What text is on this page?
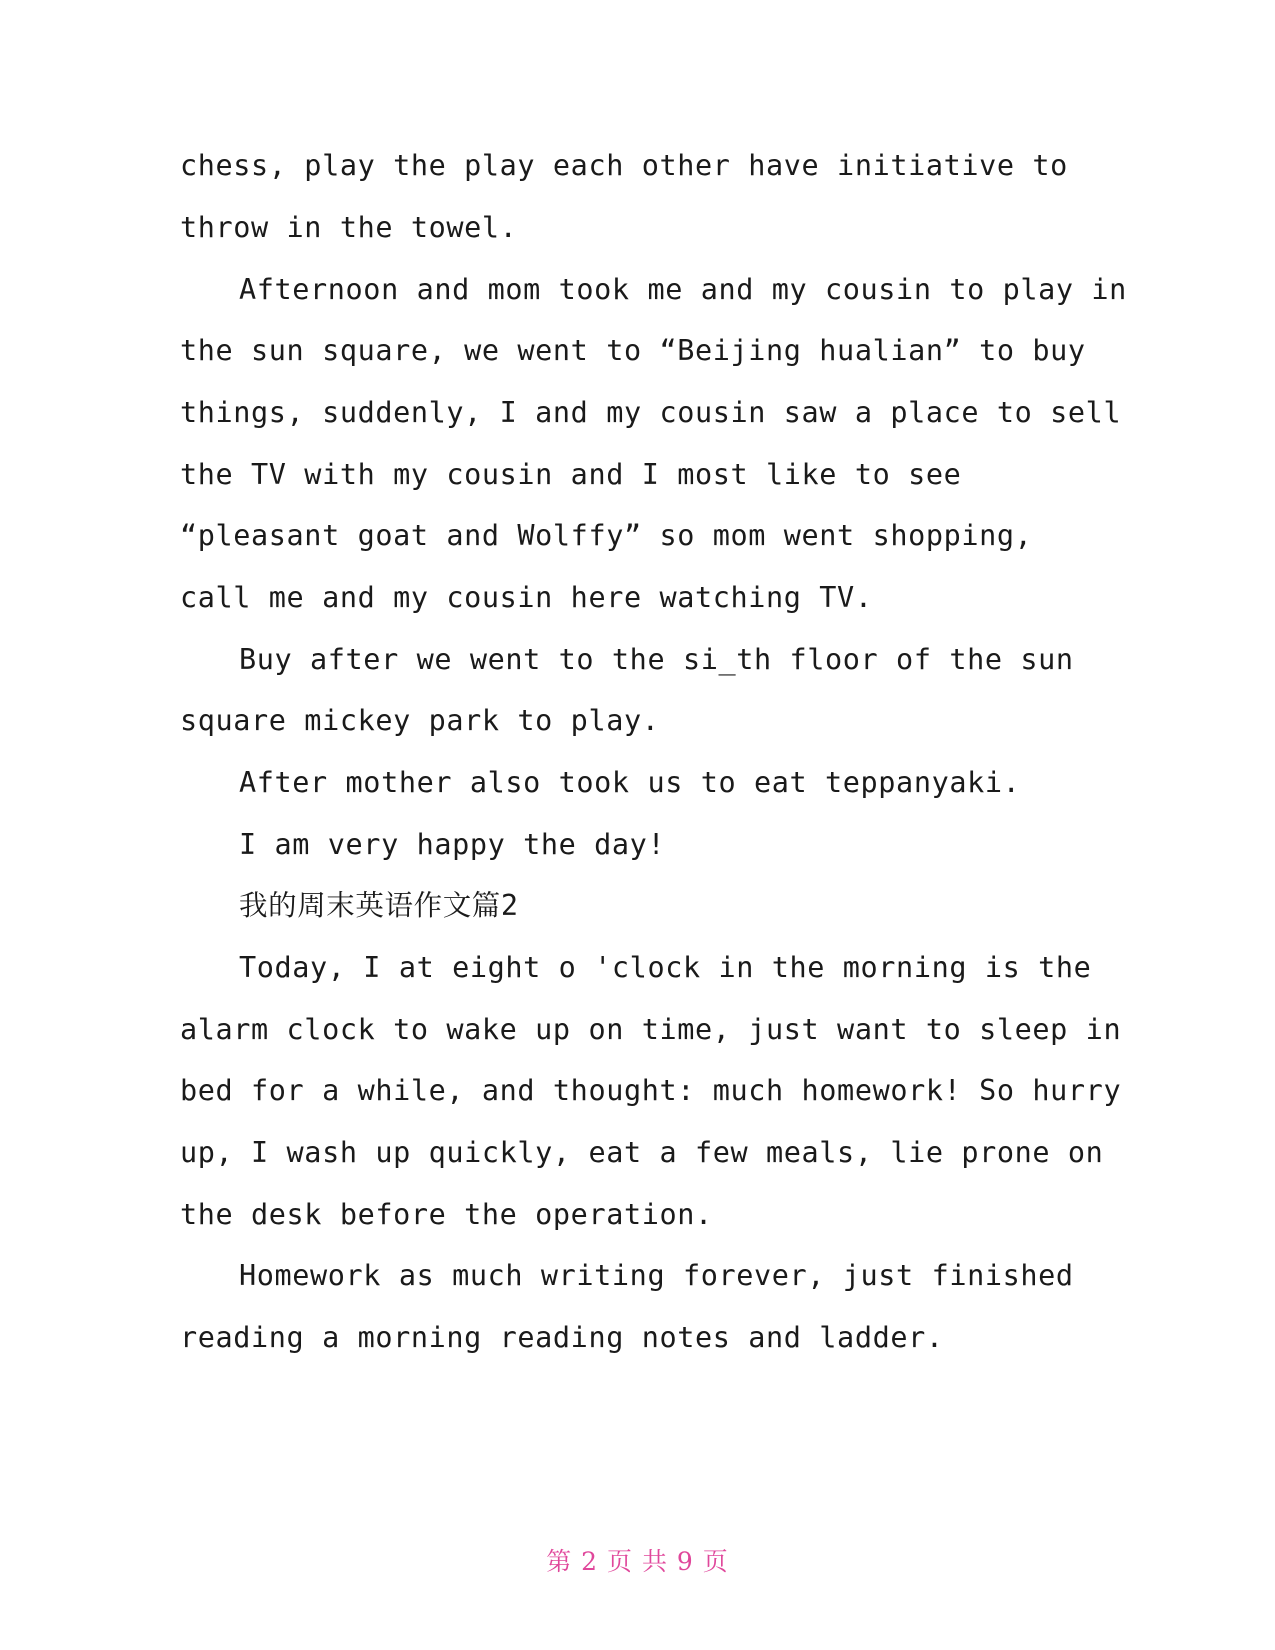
chess, play the play each other have initiative to
throw in the towel.
Afternoon and mom took me and my cousin to play in
the sun square, we went to “Beijing hualian” to buy
things, suddenly, I and my cousin saw a place to sell
the TV with my cousin and I most like to see
“pleasant goat and Wolffy” so mom went shopping,
call me and my cousin here watching TV.
Buy after we went to the si_th floor of the sun
square mickey park to play.
After mother also took us to eat teppanyaki.
I am very happy the day!
我的周末英语作文篇2
Today, I at eight o 'clock in the morning is the
alarm clock to wake up on time, just want to sleep in
bed for a while, and thought: much homework! So hurry
up, I wash up quickly, eat a few meals, lie prone on
the desk before the operation.
Homework as much writing forever, just finished
reading a morning reading notes and ladder.
第 2 页 共 9 页
